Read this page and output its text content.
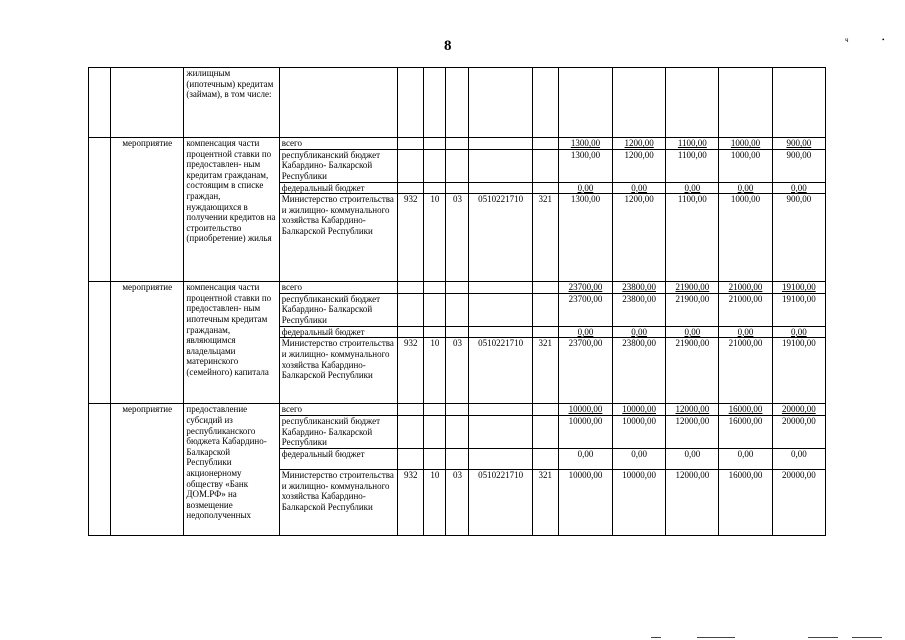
8	ч	•
		жилищным (ипотечным) кредитам (займам), в том числе:											
	мероприятие	компенсация части процентной ставки по предоставлен- ным кредитам гражданам, состоящим в списке граждан, нуждающихся в получении кредитов на строительство (приобретение) жилья	всего						1300,00	1200,00	1100,00	1000,00	900,00
			республиканский бюджет Кабардино- Балкарской Республики						1300,00	1200,00	1100,00	1000,00	900,00
			федеральный бюджет						0,00	0,00	0,00	0,00	0,00
			Министерство строительства и жилищно- коммунального хозяйства Кабардино- Балкарской Республики	932	10	03	0510221710	321	1300,00	1200,00	1100,00	1000,00	900,00
	мероприятие	компенсация части процентной ставки по предоставлен- ным ипотечным кредитам гражданам, являющимся владельцами материнского (семейного) капитала	всего						23700,00	23800,00	21900,00	21000,00	19100,00
			республиканский бюджет Кабардино- Балкарской Республики						23700,00	23800,00	21900,00	21000,00	19100,00
			федеральный бюджет						0,00	0,00	0,00	0,00	0,00
			Министерство строительства и жилищно- коммунального хозяйства Кабардино- Балкарской Республики	932	10	03	0510221710	321	23700,00	23800,00	21900,00	21000,00	19100,00
	мероприятие	предоставление субсидий из республиканского бюджета Кабардино- Балкарской Республики акционерному обществу «Банк ДОМ.РФ» на возмещение недополученных	всего						10000,00	10000,00	12000,00	16000,00	20000,00
			республиканский бюджет Кабардино- Балкарской Республики						10000,00	10000,00	12000,00	16000,00	20000,00
			федеральный бюджет						0,00	0,00	0,00	0,00	0,00
			Министерство строительства и жилищно- коммунального хозяйства Кабардино- Балкарской Республики	932	10	03	0510221710	321	10000,00	10000,00	12000,00	16000,00	20000,00
